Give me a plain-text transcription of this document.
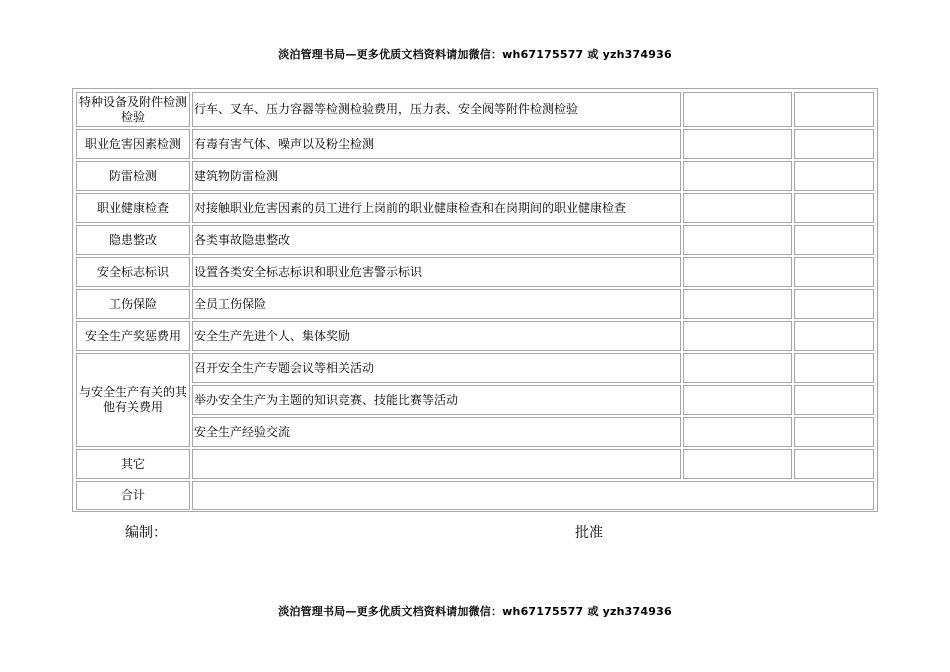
淡泊管理书局—更多优质文档资料请加微信：wh67175577 或 yzh374936
特种设备及附件检测检验	行车、叉车、压力容器等检测检验费用，压力表、安全阀等附件检测检验		
职业危害因素检测	有毒有害气体、噪声以及粉尘检测		
防雷检测	建筑物防雷检测		
职业健康检查	对接触职业危害因素的员工进行上岗前的职业健康检查和在岗期间的职业健康检查		
隐患整改	各类事故隐患整改		
安全标志标识	设置各类安全标志标识和职业危害警示标识		
工伤保险	全员工伤保险		
安全生产奖惩费用	安全生产先进个人、集体奖励		
与安全生产有关的其他有关费用	召开安全生产专题会议等相关活动		
	举办安全生产为主题的知识竞赛、技能比赛等活动		
	安全生产经验交流		
其它			
合计			
编制：	批准
淡泊管理书局—更多优质文档资料请加微信：wh67175577 或 yzh374936
